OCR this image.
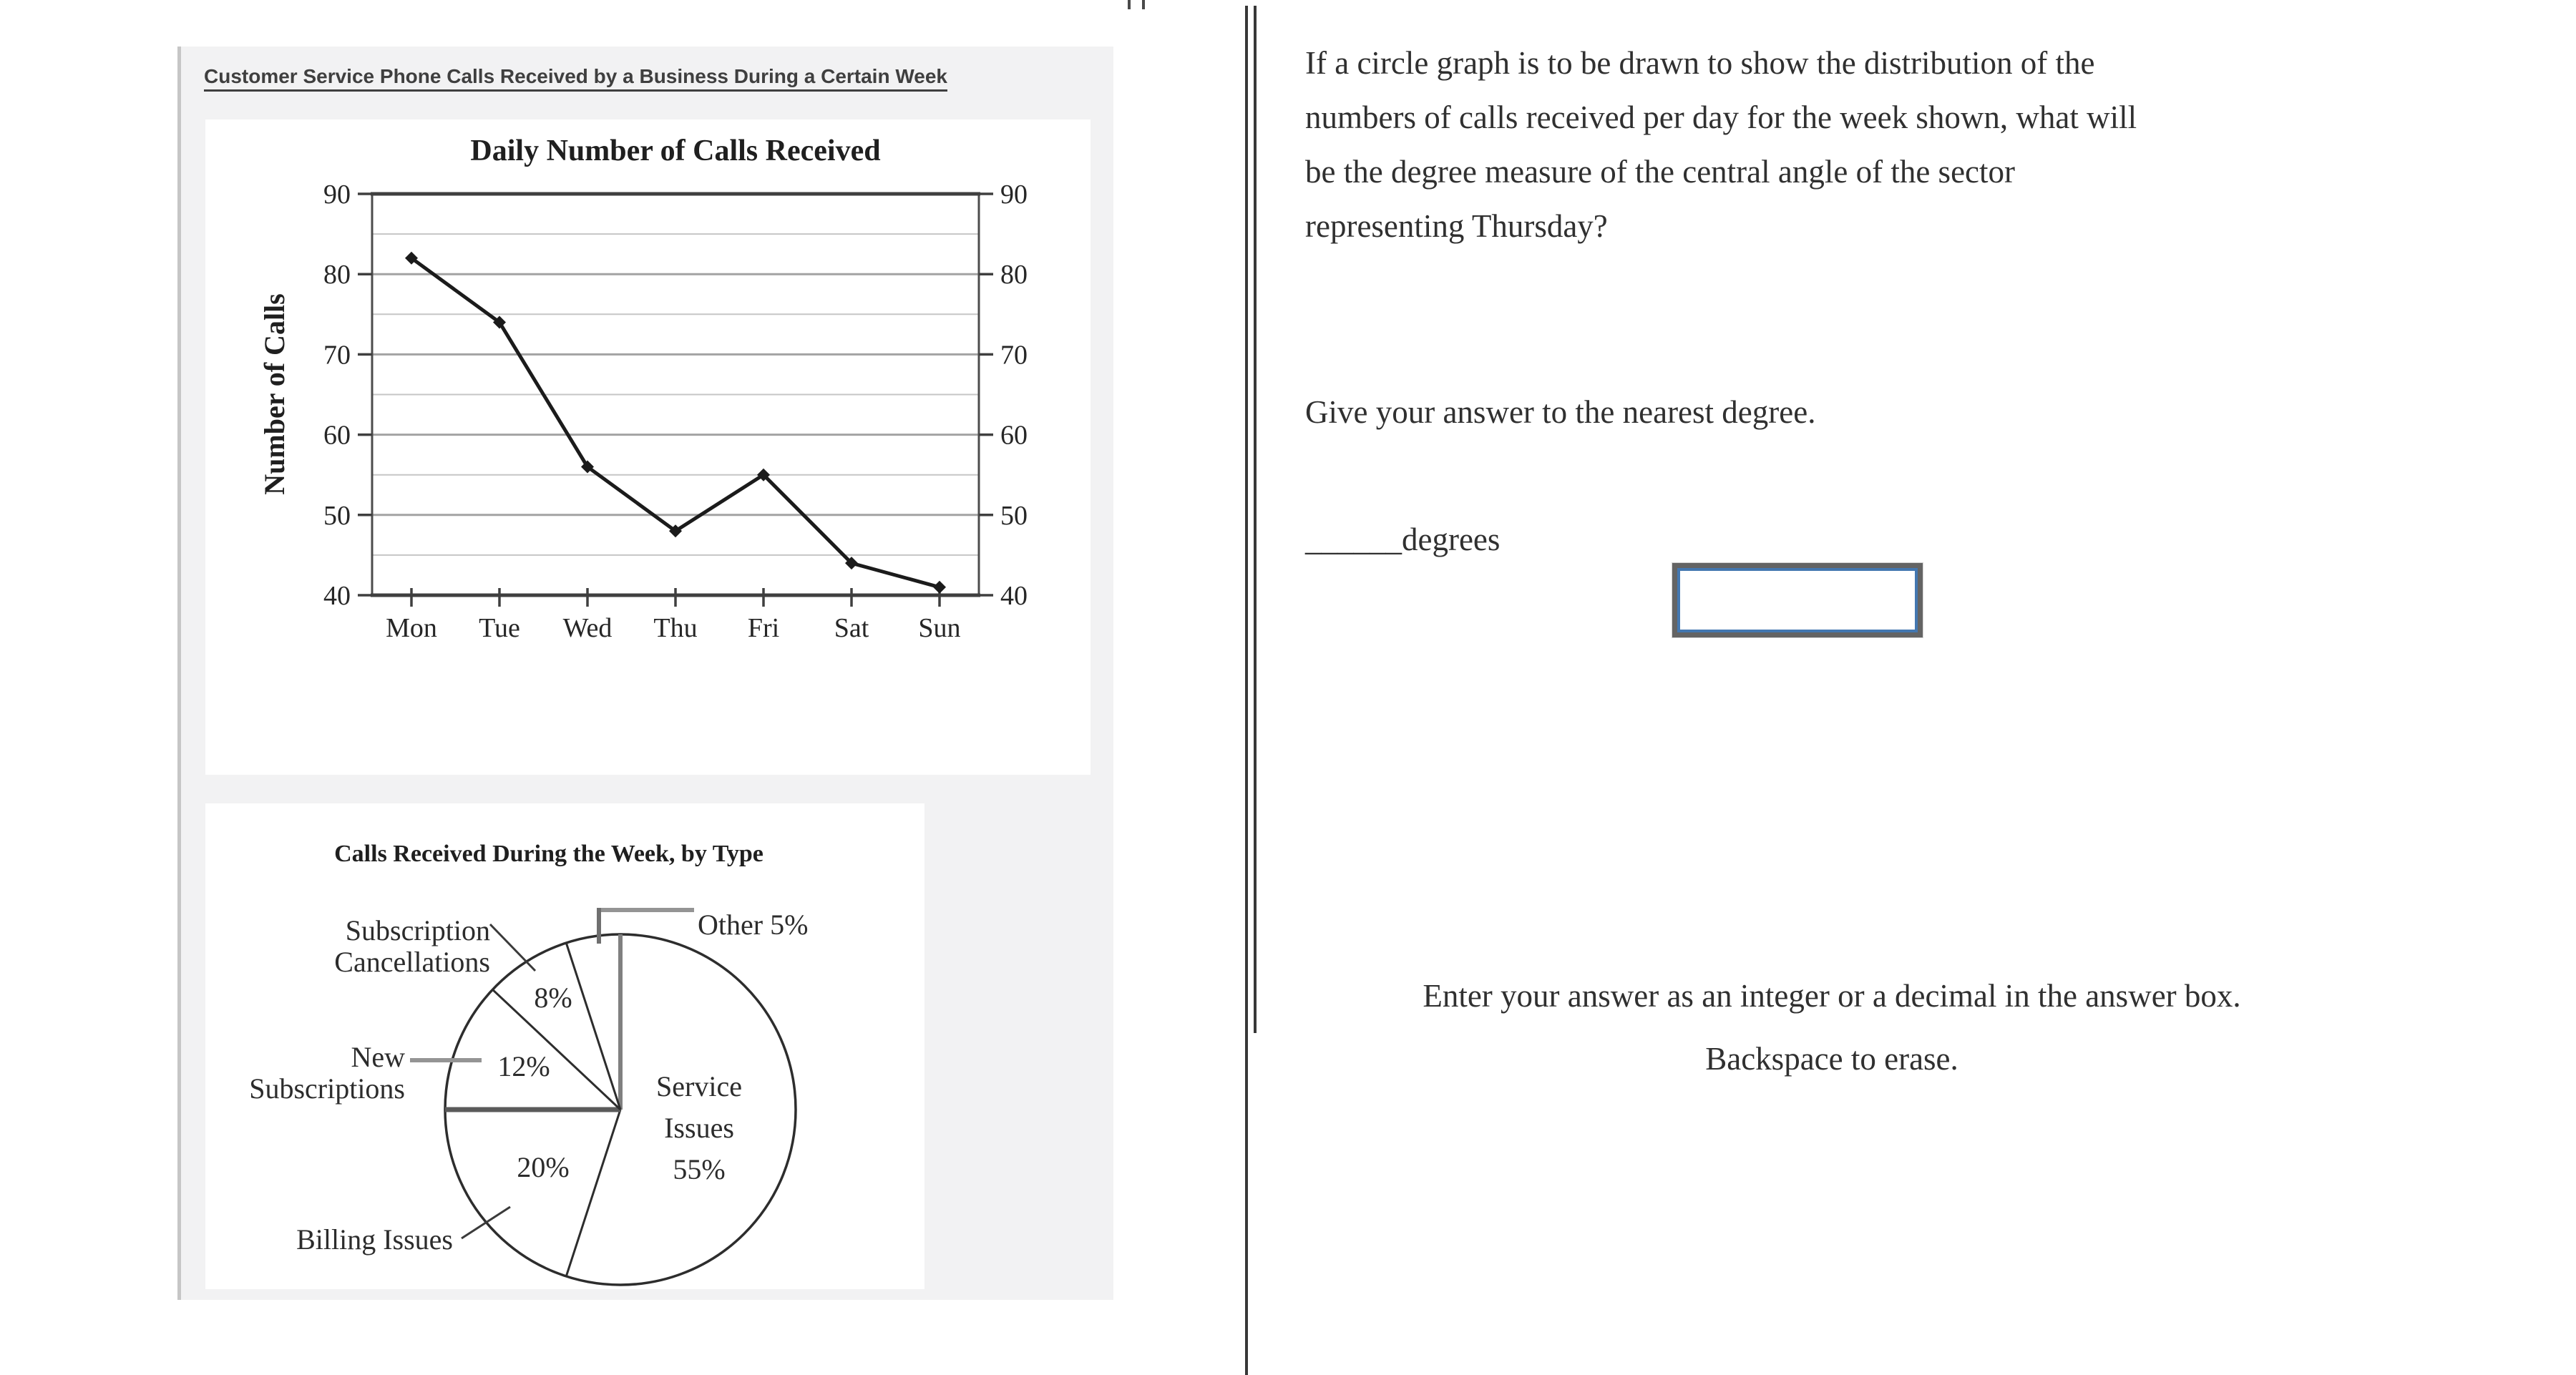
Customer Service Phone Calls Received by a Business During a Certain Week
Daily Number of Calls Received
Number of Calls
90	90
80	80
70	70
60	60
50	50
40	40
Mon Tue Wed Thu Fri Sat Sun
Calls Received During the Week, by Type
Other 5%
Subscription
Cancellations
New
Subscriptions
Billing Issues
8%
12%
20%
Service
Issues
55%
If a circle graph is to be drawn to show the distribution of the
numbers of calls received per day for the week shown, what will
be the degree measure of the central angle of the sector
representing Thursday?
Give your answer to the nearest degree.
______degrees
Enter your answer as an integer or a decimal in the answer box.
Backspace to erase.
